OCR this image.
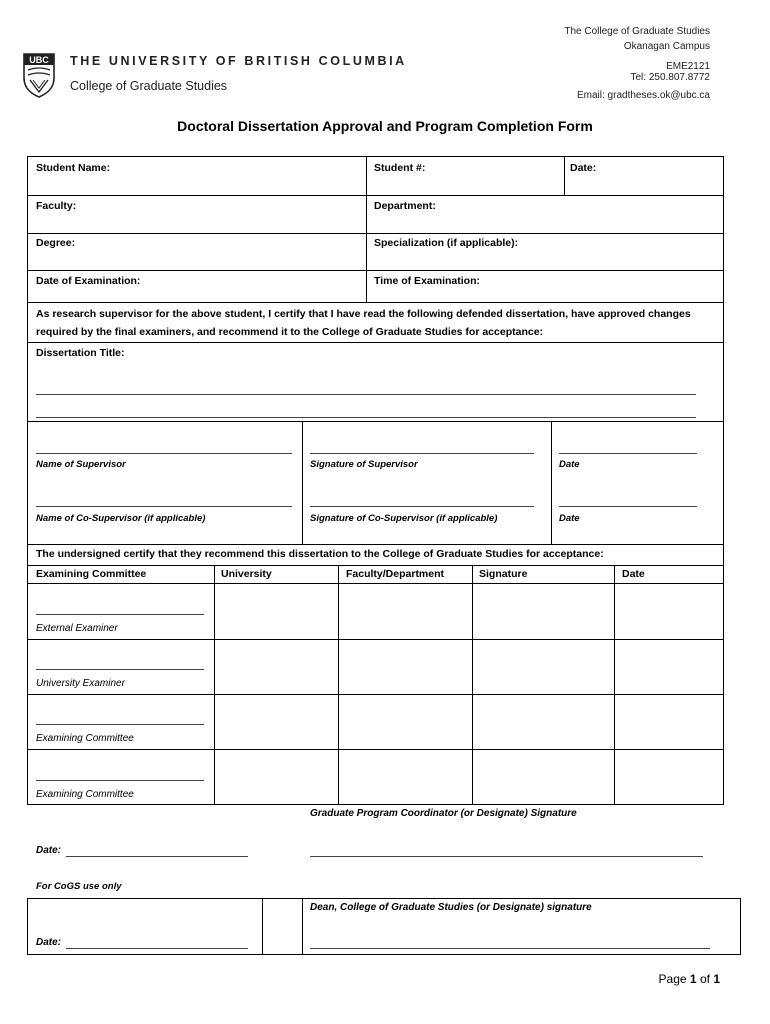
UBC THE UNIVERSITY OF BRITISH COLUMBIA
College of Graduate Studies
The College of Graduate Studies
Okanagan Campus
EME2121
Tel: 250.807.8772
Email: gradtheses.ok@ubc.ca
Doctoral Dissertation Approval and Program Completion Form
Student Name:	Student #:	Date:
Faculty:	Department:
Degree:	Specialization (if applicable):
Date of Examination:	Time of Examination:
As research supervisor for the above student, I certify that I have read the following defended dissertation, have approved changes
required by the final examiners, and recommend it to the College of Graduate Studies for acceptance:
Dissertation Title:
Name of Supervisor	Signature of Supervisor	Date
Name of Co-Supervisor (if applicable)	Signature of Co-Supervisor (if applicable)	Date
The undersigned certify that they recommend this dissertation to the College of Graduate Studies for acceptance:
Examining Committee	University	Faculty/Department	Signature	Date
External Examiner
University Examiner
Examining Committee
Examining Committee
Graduate Program Coordinator (or Designate) Signature
Date:
For CoGS use only
Dean, College of Graduate Studies (or Designate) signature
Date:
Page 1 of 1
